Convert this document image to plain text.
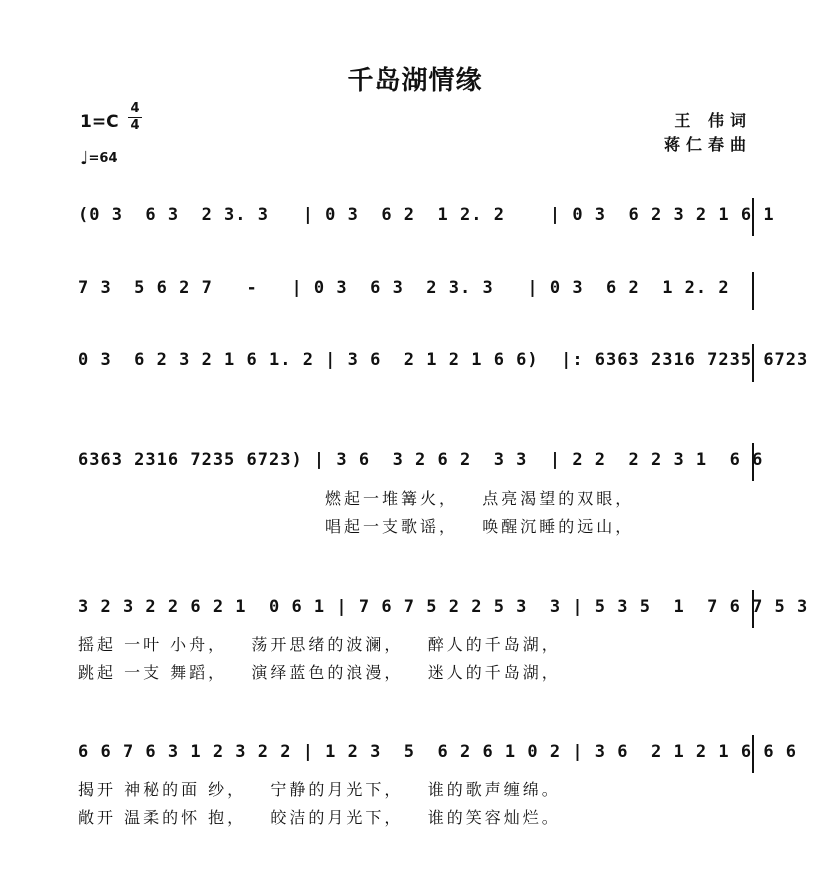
千岛湖情缘
1=C
4
4
♩=64
王 伟词
蒋仁春曲
(0 3  6 3  2 3. 3   | 0 3  6 2  1 2. 2    | 0 3  6 2 3 2 1 6 1
7 3  5 6 2 7   -   | 0 3  6 3  2 3. 3   | 0 3  6 2  1 2. 2
0 3  6 2 3 2 1 6 1. 2 | 3 6  2 1 2 1 6 6)  |: 6363 2316 7235 6723
6363 2316 7235 6723) | 3 6  3 2 6 2  3 3  | 2 2  2 2 3 1  6 6
燃起一堆篝火，   点亮渴望的双眼，
唱起一支歌谣，   唤醒沉睡的远山，
3 2 3 2 2 6 2 1  0 6 1 | 7 6 7 5 2 2 5 3  3 | 5 3 5  1  7 6 7 5 3
摇起 一叶 小舟，   荡开思绪的波澜，   醉人的千岛湖，
跳起 一支 舞蹈，   演绎蓝色的浪漫，   迷人的千岛湖，
6 6 7 6 3 1 2 3 2 2 | 1 2 3  5  6 2 6 1 0 2 | 3 6  2 1 2 1 6 6 6
揭开 神秘的面 纱，   宁静的月光下，   谁的歌声缠绵。
敞开 温柔的怀 抱，   皎洁的月光下，   谁的笑容灿烂。
